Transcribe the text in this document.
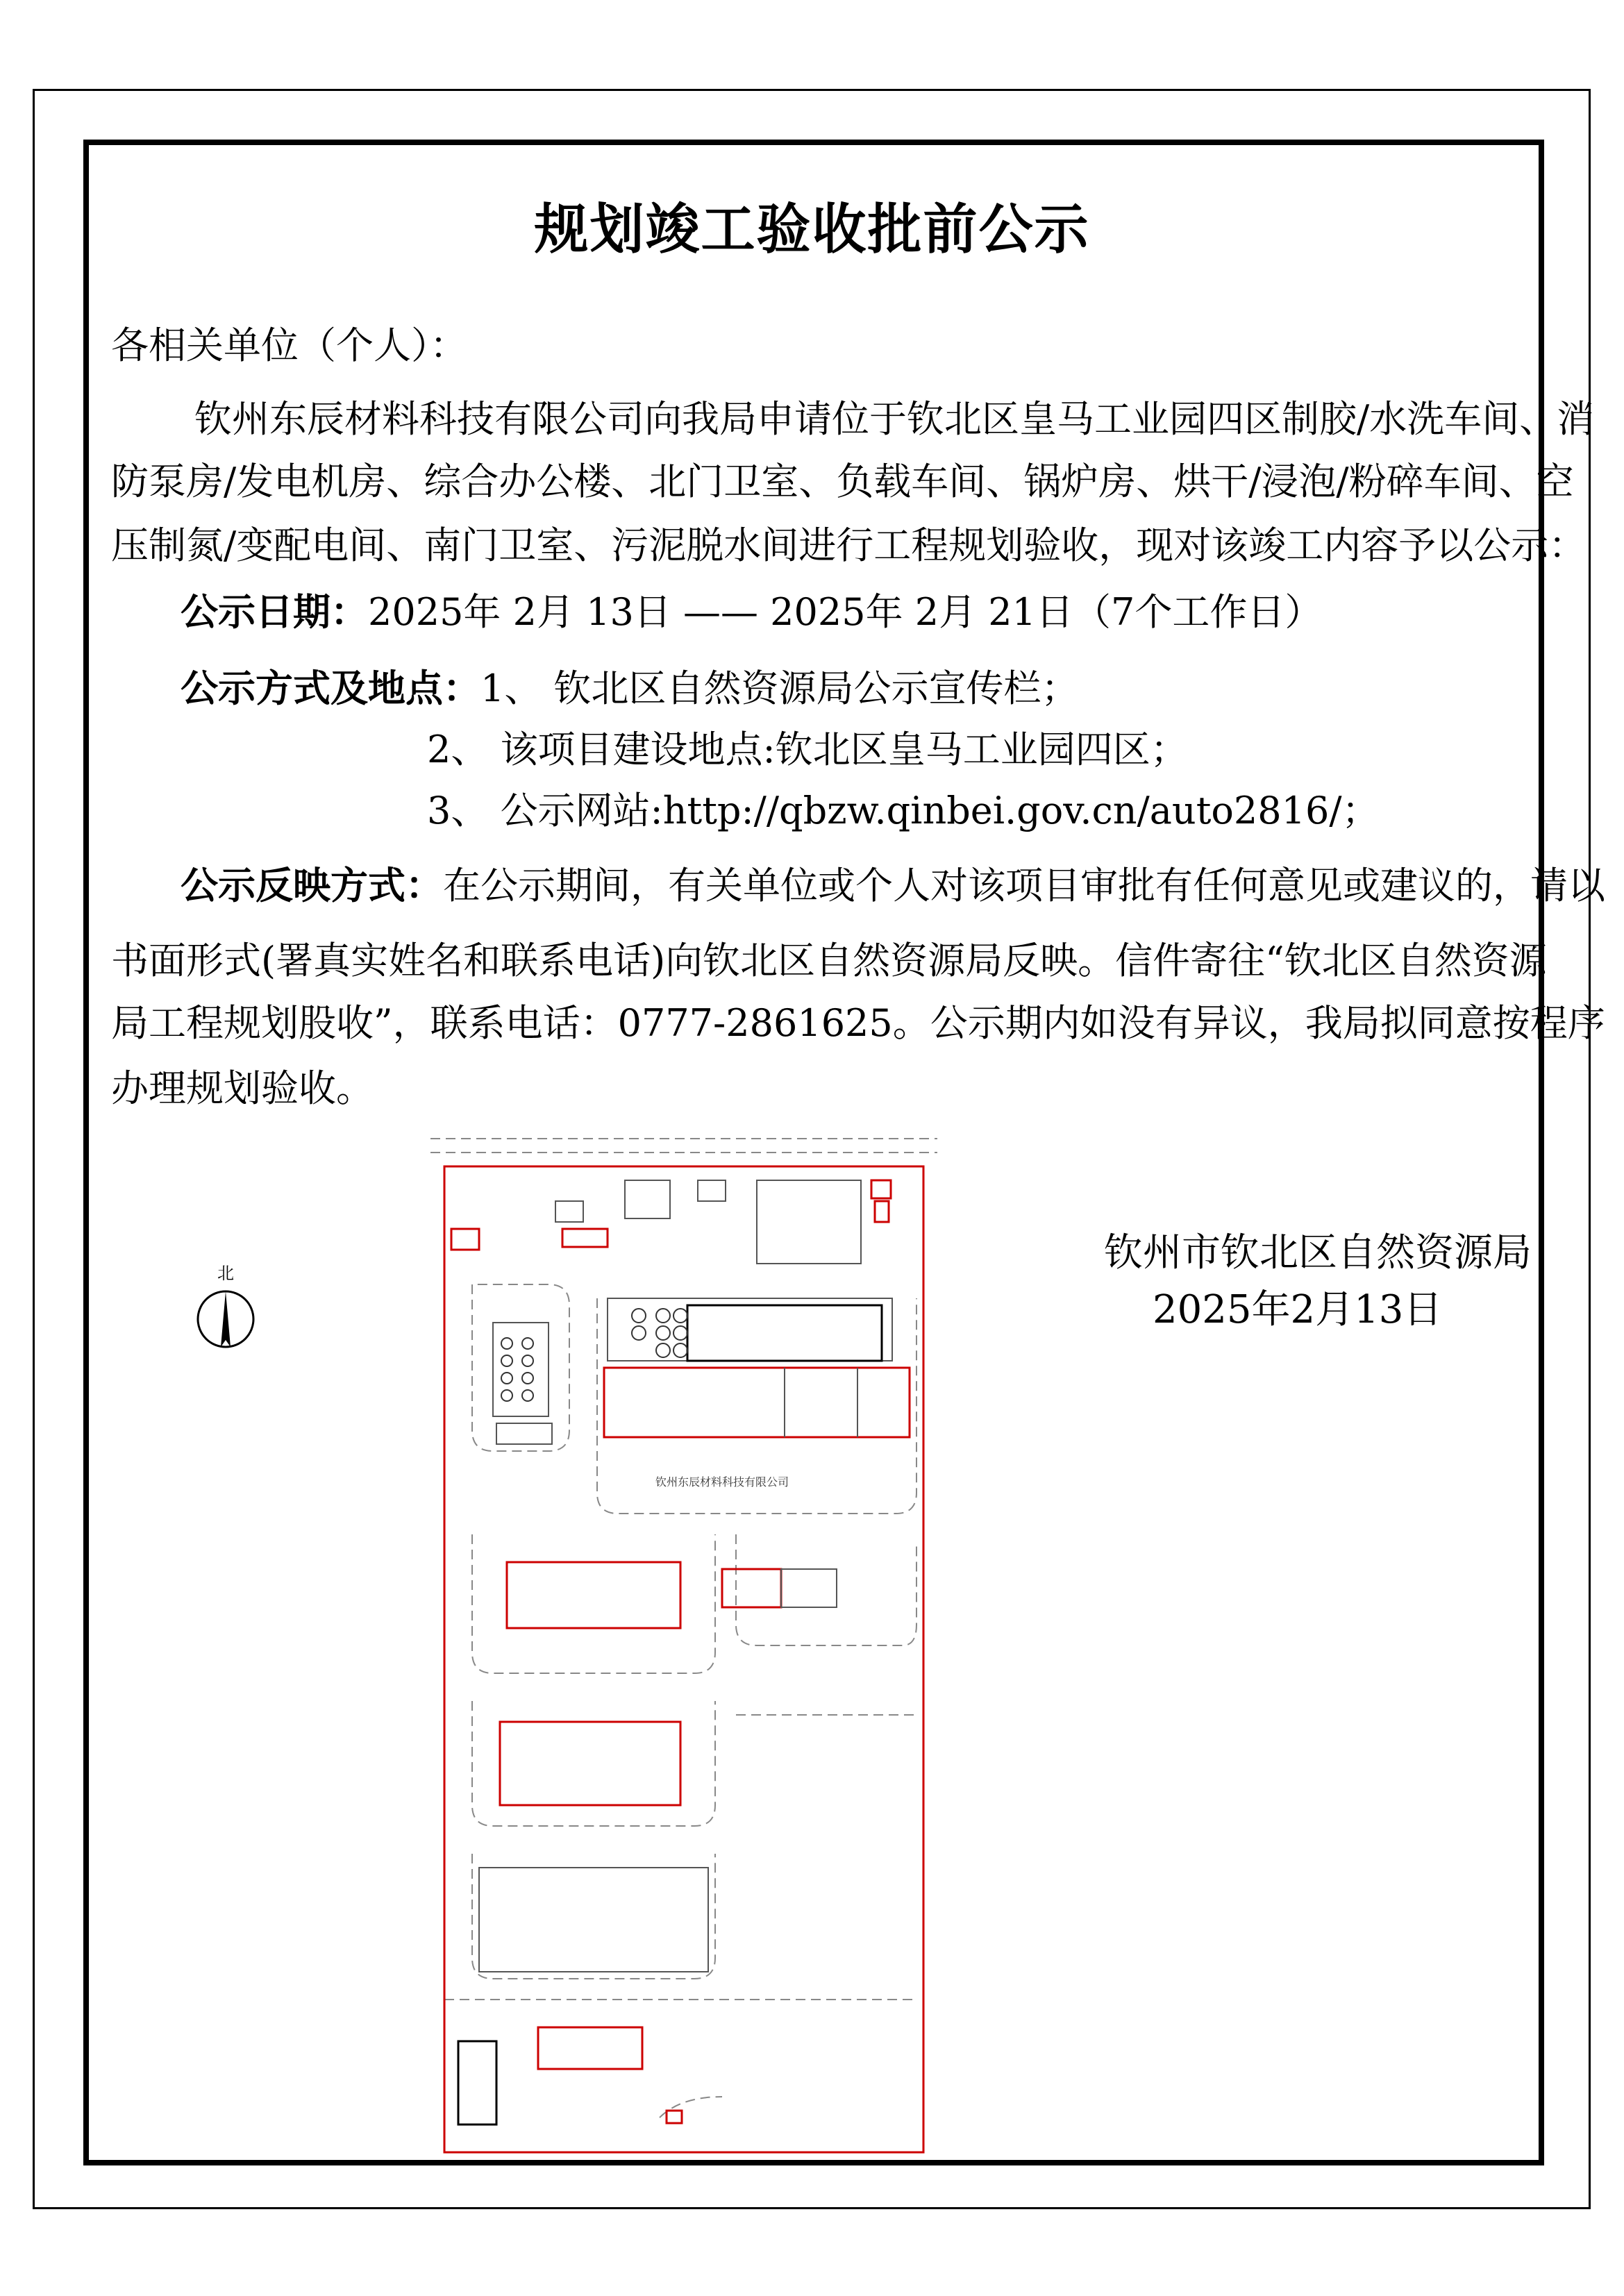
规划竣工验收批前公示
各相关单位（个人）：
钦州东辰材料科技有限公司向我局申请位于钦北区皇马工业园四区制胶/水洗车间、消
防泵房/发电机房、综合办公楼、北门卫室、负载车间、锅炉房、烘干/浸泡/粉碎车间、空
压制氮/变配电间、南门卫室、污泥脱水间进行工程规划验收，现对该竣工内容予以公示：
公示日期：2025年 2月 13日 —— 2025年 2月 21日（7个工作日）
公示方式及地点：1、 钦北区自然资源局公示宣传栏；
2、 该项目建设地点:钦北区皇马工业园四区；
3、 公示网站:http://qbzw.qinbei.gov.cn/auto2816/；
公示反映方式：在公示期间，有关单位或个人对该项目审批有任何意见或建议的，请以
书面形式(署真实姓名和联系电话)向钦北区自然资源局反映。信件寄往“钦北区自然资源
局工程规划股收”，联系电话：0777-2861625。公示期内如没有异议，我局拟同意按程序
办理规划验收。
钦州市钦北区自然资源局
2025年2月13日
北
钦州东辰材料科技有限公司
